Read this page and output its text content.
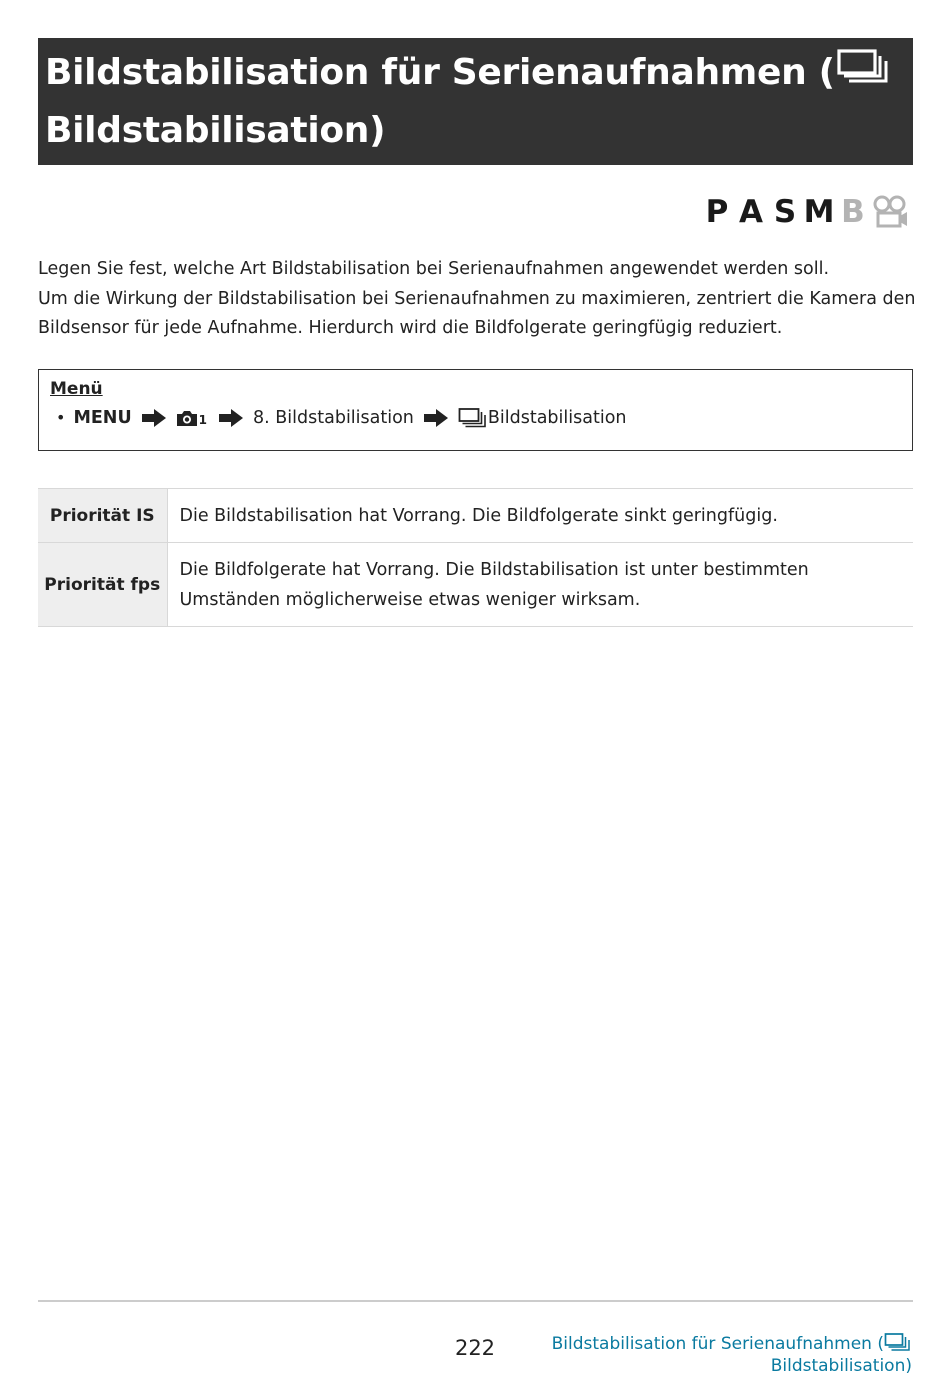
Bildstabilisation für Serienaufnahmen (
Bildstabilisation)
P A S M B

Legen Sie fest, welche Art Bildstabilisation bei Serienaufnahmen angewendet werden soll.

Um die Wirkung der Bildstabilisation bei Serienaufnahmen zu maximieren, zentriert die Kamera den Bildsensor für jede Aufnahme. Hierdurch wird die Bildfolgerate geringfügig reduziert.

Menü
• MENU	1	8. Bildstabilisation	Bildstabilisation
Priorität IS	Die Bildstabilisation hat Vorrang. Die Bildfolgerate sinkt geringfügig.
Priorität fps	Die Bildfolgerate hat Vorrang. Die Bildstabilisation ist unter bestimmten Umständen möglicherweise etwas weniger wirksam.
222	Bildstabilisation für Serienaufnahmen (
Bildstabilisation)
